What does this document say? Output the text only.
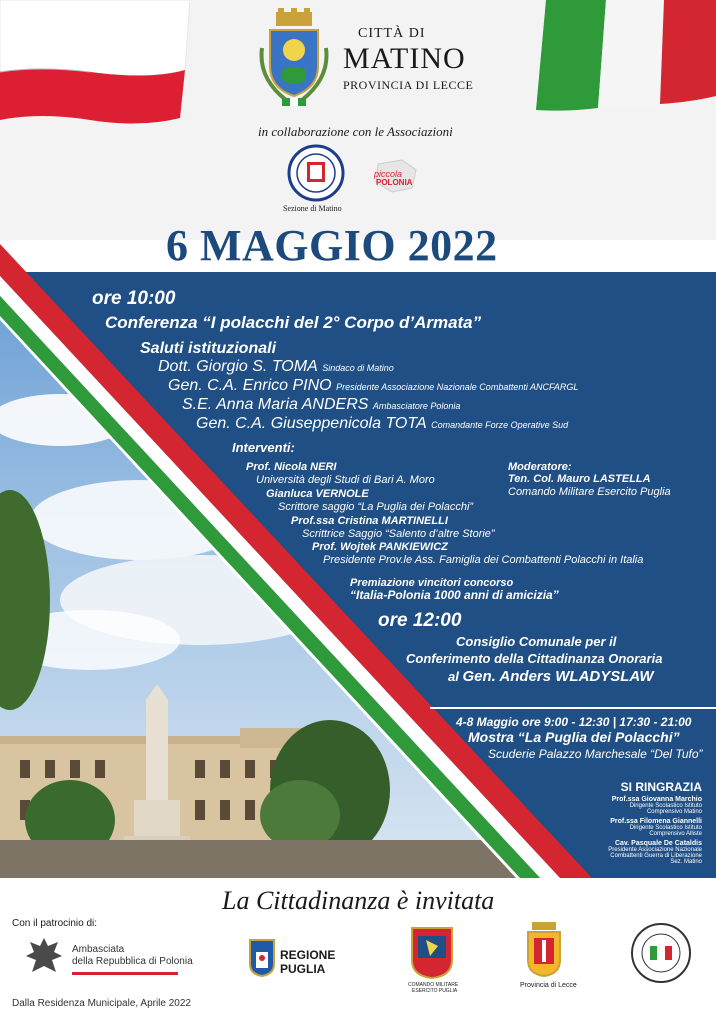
CITTÀ DI
MATINO
PROVINCIA DI LECCE
in collaborazione con le Associazioni
Sezione di Matino
piccola
POLONIA
6 MAGGIO 2022
ore 10:00
Conferenza “I polacchi del 2° Corpo d’Armata”
Saluti istituzionali
Dott. Giorgio S. TOMA Sindaco di Matino
Gen. C.A. Enrico PINO Presidente Associazione Nazionale Combattenti ANCFARGL
S.E. Anna Maria ANDERS Ambasciatore Polonia
Gen. C.A. Giuseppenicola TOTA Comandante Forze Operative Sud
Interventi:
Prof. Nicola NERI
Università degli Studi di Bari A. Moro
Gianluca VERNOLE
Scrittore saggio “La Puglia dei Polacchi”
Prof.ssa Cristina MARTINELLI
Scrittrice Saggio “Salento d’altre Storie”
Prof. Wojtek PANKIEWICZ
Presidente Prov.le Ass. Famiglia dei Combattenti Polacchi in Italia
Moderatore:
Ten. Col. Mauro LASTELLA
Comando Militare Esercito Puglia
Premiazione vincitori concorso
“Italia-Polonia 1000 anni di amicizia”
ore 12:00
Consiglio Comunale per il
Conferimento della Cittadinanza Onoraria
al Gen. Anders WLADYSLAW
4-8 Maggio ore 9:00 - 12:30 | 17:30 - 21:00
Mostra “La Puglia dei Polacchi”
Scuderie Palazzo Marchesale “Del Tufo”
SI RINGRAZIA
Prof.ssa Giovanna Marchio
Dirigente Scolastico Istituto
Comprensivo Matino
Prof.ssa Filomena Giannelli
Dirigente Scolastico Istituto
Comprensivo Alliste
Cav. Pasquale De Cataldis
Presidente Associazione Nazionale
Combattenti Guerra di Liberazione
Sez. Matino
La Cittadinanza è invitata
Con il patrocinio di:
Ambasciata
della Repubblica di Polonia	REGIONE
PUGLIA
COMANDO MILITARE
ESERCITO PUGLIA
Provincia di Lecce
Dalla Residenza Municipale, Aprile 2022
